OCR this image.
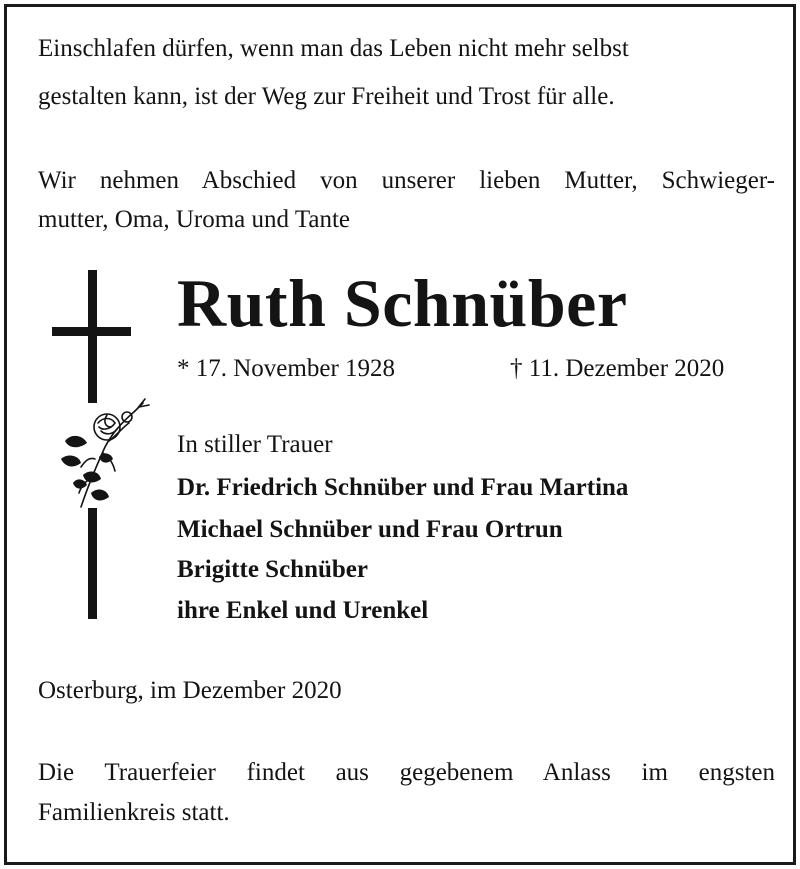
Einschlafen dürfen, wenn man das Leben nicht mehr selbst

gestalten kann, ist der Weg zur Freiheit und Trost für alle.

Wir nehmen Abschied von unserer lieben Mutter, Schwieger-

mutter, Oma, Uroma und Tante

Ruth Schnüber

* 17. November 1928	† 11. Dezember 2020

In stiller Trauer

Dr. Friedrich Schnüber und Frau Martina

Michael Schnüber und Frau Ortrun

Brigitte Schnüber

ihre Enkel und Urenkel

Osterburg, im Dezember 2020

Die Trauerfeier findet aus gegebenem Anlass im engsten

Familienkreis statt.
